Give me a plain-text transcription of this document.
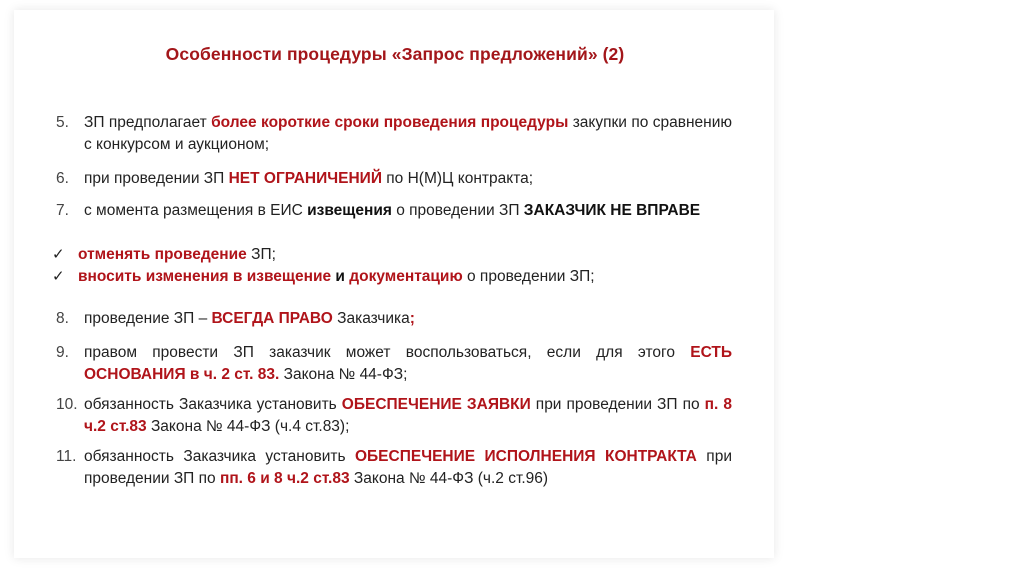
Особенности процедуры «Запрос предложений» (2)
5. ЗП предполагает более короткие сроки проведения процедуры закупки по сравнению с конкурсом и аукционом;
6. при проведении ЗП НЕТ ОГРАНИЧЕНИЙ по Н(М)Ц контракта;
7. с момента размещения в ЕИС извещения о проведении ЗП ЗАКАЗЧИК НЕ ВПРАВЕ
✓ отменять проведение ЗП;
✓ вносить изменения в извещение и документацию о проведении ЗП;
8. проведение ЗП – ВСЕГДА ПРАВО Заказчика;
9. правом провести ЗП заказчик может воспользоваться, если для этого ЕСТЬ ОСНОВАНИЯ в ч. 2 ст. 83. Закона № 44-ФЗ;
10. обязанность Заказчика установить ОБЕСПЕЧЕНИЕ ЗАЯВКИ при проведении ЗП по п. 8 ч.2 ст.83 Закона № 44-ФЗ (ч.4 ст.83);
11. обязанность Заказчика установить ОБЕСПЕЧЕНИЕ ИСПОЛНЕНИЯ КОНТРАКТА при проведении ЗП по пп. 6 и 8 ч.2 ст.83 Закона № 44-ФЗ (ч.2 ст.96)
